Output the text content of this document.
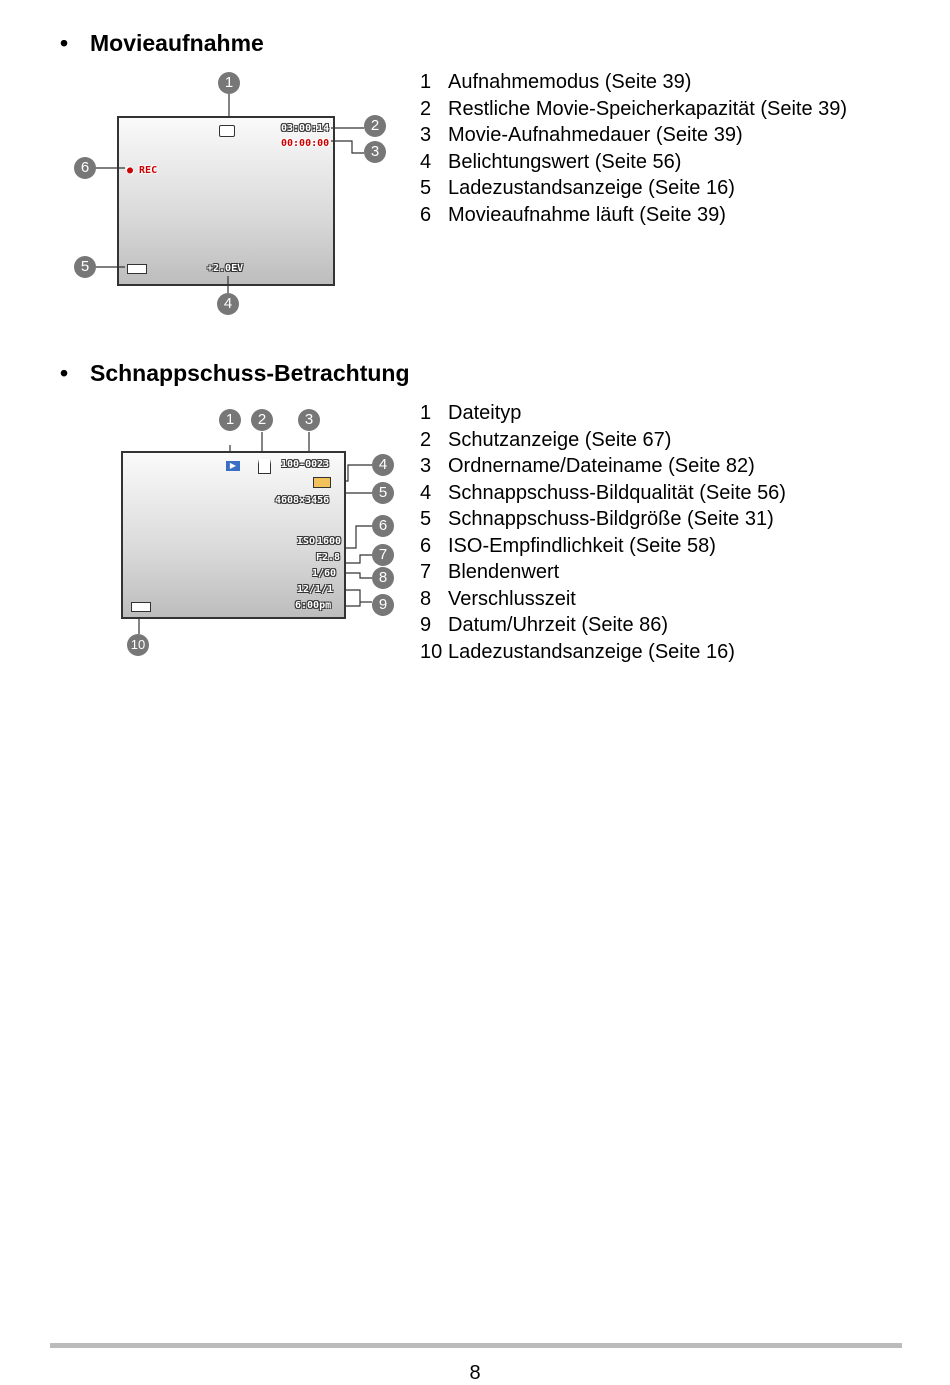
• Movieaufnahme
03:00:14
00:00:00
● REC
+2.0EV
1
2
3
4
5
6
1 Aufnahmemodus (Seite 39)
2 Restliche Movie-Speicherkapazität (Seite 39)
3 Movie-Aufnahmedauer (Seite 39)
4 Belichtungswert (Seite 56)
5 Ladezustandsanzeige (Seite 16)
6 Movieaufnahme läuft (Seite 39)
• Schnappschuss-Betrachtung
▶	100-0023
4608×3456
ISO 1600
F2.8
1/60
12/1/1
6:00pm
1	2	3
4
5
6
7
8
9
10
1 Dateityp
2 Schutzanzeige (Seite 67)
3 Ordnername/Dateiname (Seite 82)
4 Schnappschuss-Bildqualität (Seite 56)
5 Schnappschuss-Bildgröße (Seite 31)
6 ISO-Empfindlichkeit (Seite 58)
7 Blendenwert
8 Verschlusszeit
9 Datum/Uhrzeit (Seite 86)
10 Ladezustandsanzeige (Seite 16)
8
